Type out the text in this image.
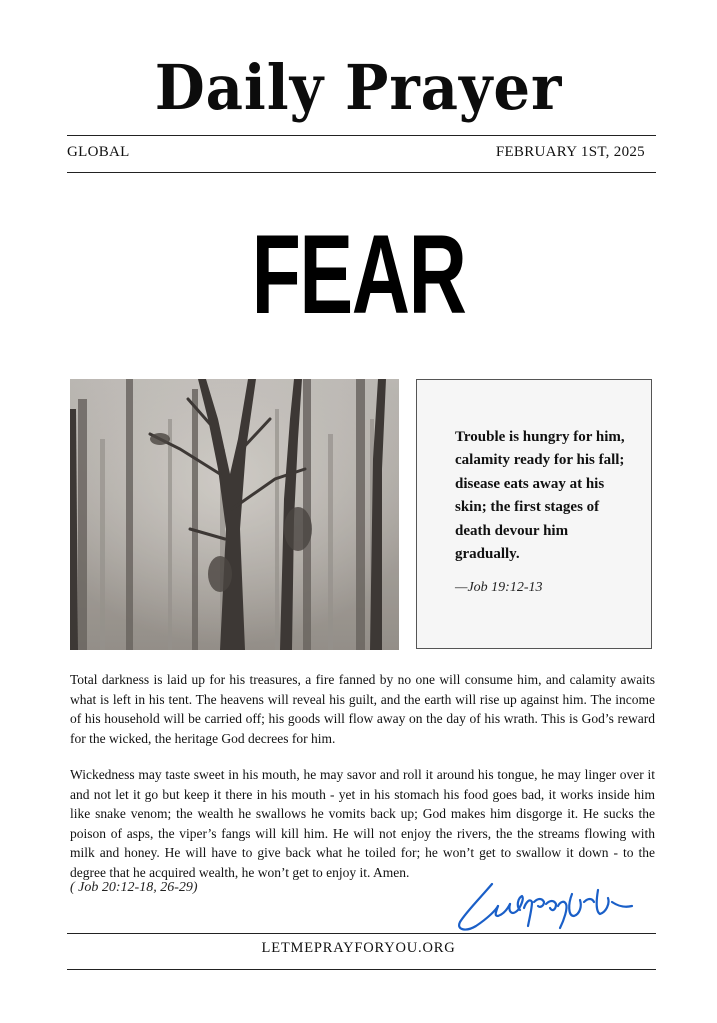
Daily Prayer
GLOBAL	FEBRUARY 1ST, 2025
FEAR
Trouble is hungry for him, calamity ready for his fall; disease eats away at his skin; the first stages of death devour him gradually.
—Job 19:12-13

Total darkness is laid up for his treasures, a fire fanned by no one will consume him, and calamity awaits what is left in his tent. The heavens will reveal his guilt, and the earth will rise up against him. The income of his household will be carried off; his goods will flow away on the day of his wrath. This is God’s reward for the wicked, the heritage God decrees for him.

Wickedness may taste sweet in his mouth, he may savor and roll it around his tongue, he may linger over it and not let it go but keep it there in his mouth - yet in his stomach his food goes bad, it works inside him like snake venom; the wealth he swallows he vomits back up; God makes him disgorge it. He sucks the poison of asps, the viper’s fangs will kill him. He will not enjoy the rivers, the the streams flowing with milk and honey. He will have to give back what he toiled for; he won’t get to swallow it down - to the degree that he acquired wealth, he won’t get to enjoy it. Amen.

( Job 20:12-18, 26-29)
LETMEPRAYFORYOU.ORG
